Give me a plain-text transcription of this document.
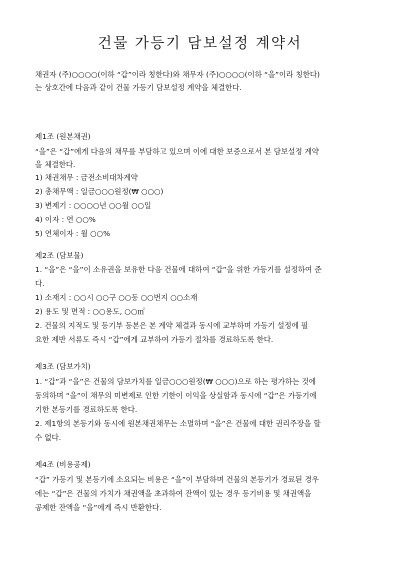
건물 가등기 담보설정 계약서
채권자 (주)○○○○(이하 “갑”이라 칭한다)와 채무자 (주)○○○○(이하 “을”이라 칭한다)
는 상호간에 다음과 같이 건물 가등기 담보설정 계약을 체결한다.
제1조 (원본채권)
“을”은 “갑”에게 다음의 채무를 부담하고 있으며 이에 대한 보증으로서 본 담보설정 계약
을 체결한다.
1) 채권채무 : 금전소비대차계약
2) 총채무액 : 일금○○○원정(₩ ○○○)
3) 변제기 : ○○○○년 ○○월 ○○일
4) 이자 : 연 ○○%
5) 연체이자 : 월 ○○%
제2조 (담보물)
1. “을”은 “을”이 소유권을 보유한 다음 건물에 대하여 “갑”을 위한 가등기를 설정하여 준
다.
1) 소재지 : ○○시 ○○구 ○○동 ○○번지 ○○소재
2) 용도 및 면적 : ○○용도, ○○㎡
2. 건물의 지적도 및 등기부 등본은 본 계약 체결과 동시에 교부하며 가등기 설정에 필
요한 제반 서류도 즉시 “갑”에게 교부하여 가등기 절차를 경료하도록 한다.
제3조 (담보가치)
1. “갑”과 “을”은 건물의 담보가치를 일금○○○원정(₩ ○○○)으로 하는 평가하는 것에
동의하며 “을”이 채무의 미변제로 인한 기한이 이익을 상실함과 동시에 “갑”은 가등기에
기한 본등기를 경료하도록 한다.
2. 제1항의 본등기와 동시에 원본채권채무는 소멸하며 “을”은 건물에 대한 권리주장을 할
수 없다.
제4조 (비용공제)
“갑” 가등기 및 본등기에 소요되는 비용은 “을”이 부담하며 건물의 본등기가 경료된 경우
에는 “갑”은 건물의 가치가 채권액을 초과하여 잔액이 있는 경우 등기비용 및 채권액을
공제한 잔액을 “을”에게 즉시 반환한다.
